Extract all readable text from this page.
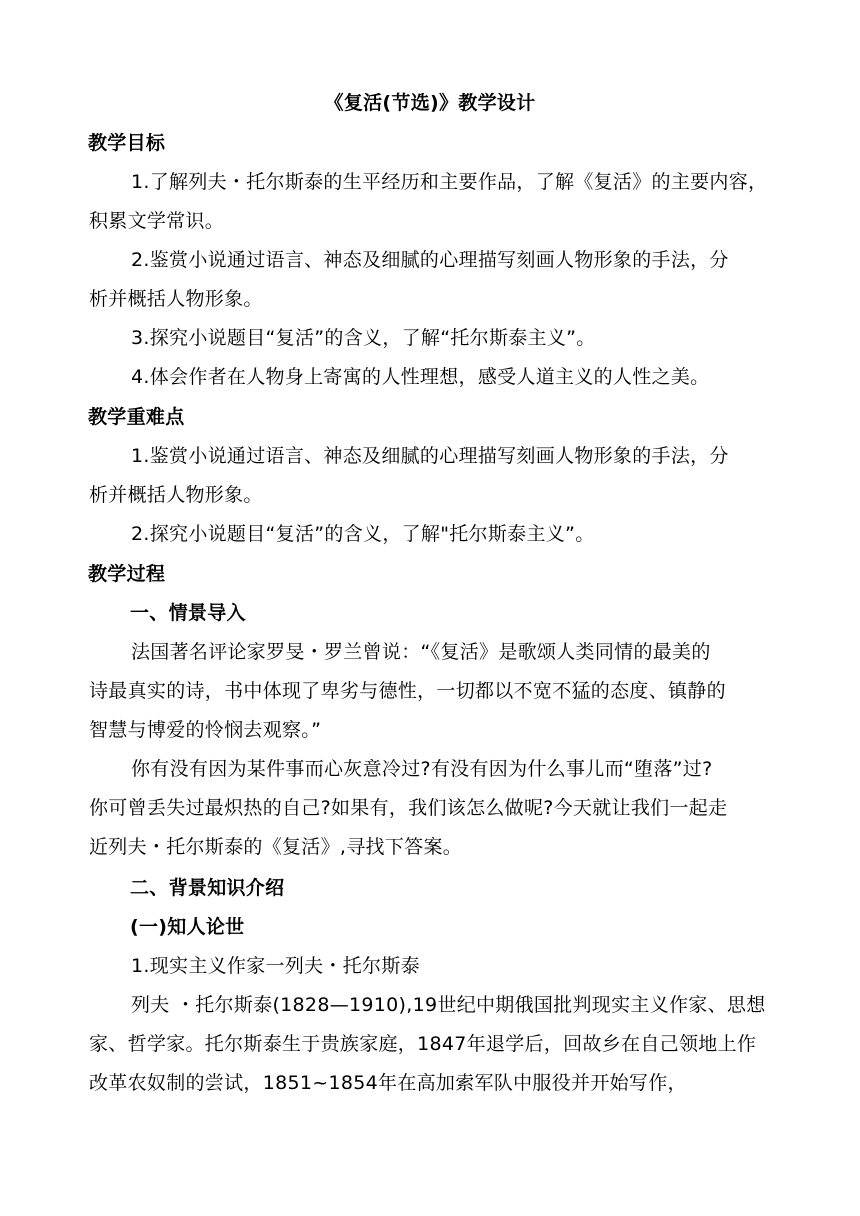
《复活(节选)》教学设计
教学目标
1.了解列夫・托尔斯泰的生平经历和主要作品，了解《复活》的主要内容，
积累文学常识。
2.鉴赏小说通过语言、神态及细腻的心理描写刻画人物形象的手法，分
析并概括人物形象。
3.探究小说题目“复活”的含义，了解“托尔斯泰主义”。
4.体会作者在人物身上寄寓的人性理想，感受人道主义的人性之美。
教学重难点
1.鉴赏小说通过语言、神态及细腻的心理描写刻画人物形象的手法，分
析并概括人物形象。
2.探究小说题目“复活”的含义，了解"托尔斯泰主义”。
教学过程
一、情景导入
法国著名评论家罗旻・罗兰曾说：“《复活》是歌颂人类同情的最美的
诗最真实的诗，书中体现了卑劣与德性，一切都以不宽不猛的态度、镇静的
智慧与博爱的怜悯去观察。”
你有没有因为某件事而心灰意冷过?有没有因为什么事儿而“堕落”过?
你可曾丢失过最炽热的自己?如果有，我们该怎么做呢?今天就让我们一起走
近列夫・托尔斯泰的《复活》,寻找下答案。
二、背景知识介绍
(一)知人论世
1.现实主义作家一列夫・托尔斯泰
列夫 ・托尔斯泰(1828—1910),19世纪中期俄国批判现实主义作家、思想
家、哲学家。托尔斯泰生于贵族家庭，1847年退学后，回故乡在自己领地上作
改革农奴制的尝试，1851~1854年在高加索军队中服役并开始写作，
